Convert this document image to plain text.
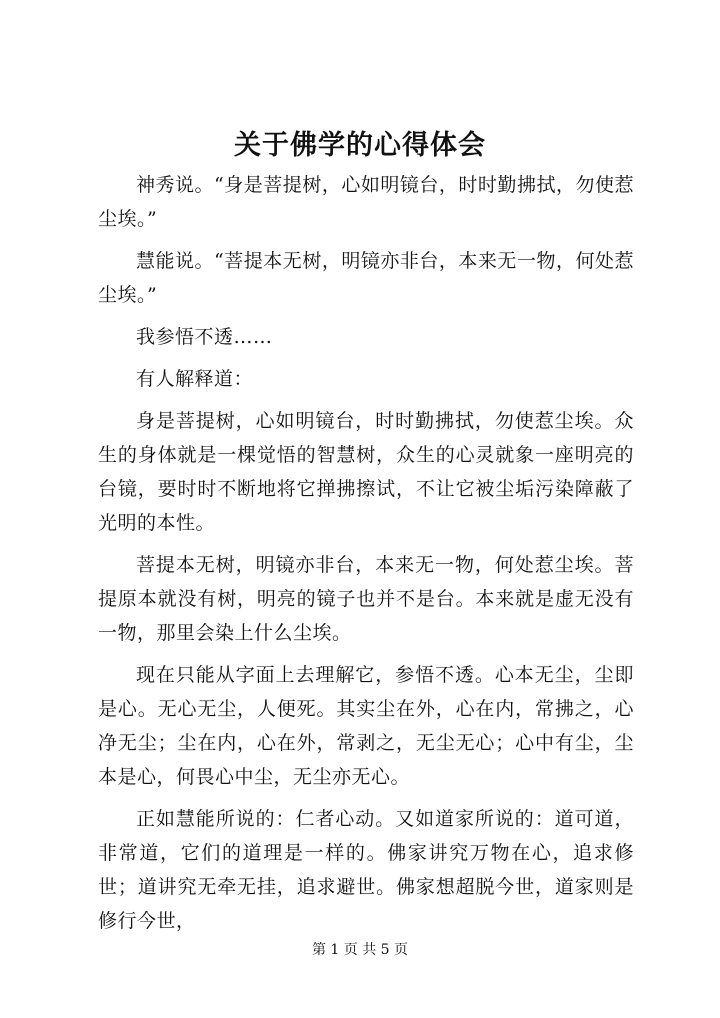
关于佛学的心得体会

神秀说。“身是菩提树，心如明镜台，时时勤拂拭，勿使惹尘埃。”

慧能说。“菩提本无树，明镜亦非台，本来无一物，何处惹尘埃。”

我参悟不透……

有人解释道：

身是菩提树，心如明镜台，时时勤拂拭，勿使惹尘埃。众生的身体就是一棵觉悟的智慧树，众生的心灵就象一座明亮的台镜，要时时不断地将它掸拂擦试，不让它被尘垢污染障蔽了光明的本性。

菩提本无树，明镜亦非台，本来无一物，何处惹尘埃。菩提原本就没有树，明亮的镜子也并不是台。本来就是虚无没有一物，那里会染上什么尘埃。

现在只能从字面上去理解它，参悟不透。心本无尘，尘即是心。无心无尘，人便死。其实尘在外，心在内，常拂之，心净无尘；尘在内，心在外，常剥之，无尘无心；心中有尘，尘本是心，何畏心中尘，无尘亦无心。

正如慧能所说的：仁者心动。又如道家所说的：道可道，非常道，它们的道理是一样的。佛家讲究万物在心，追求修世；道讲究无牵无挂，追求避世。佛家想超脱今世，道家则是修行今世，

第 1 页 共 5 页
